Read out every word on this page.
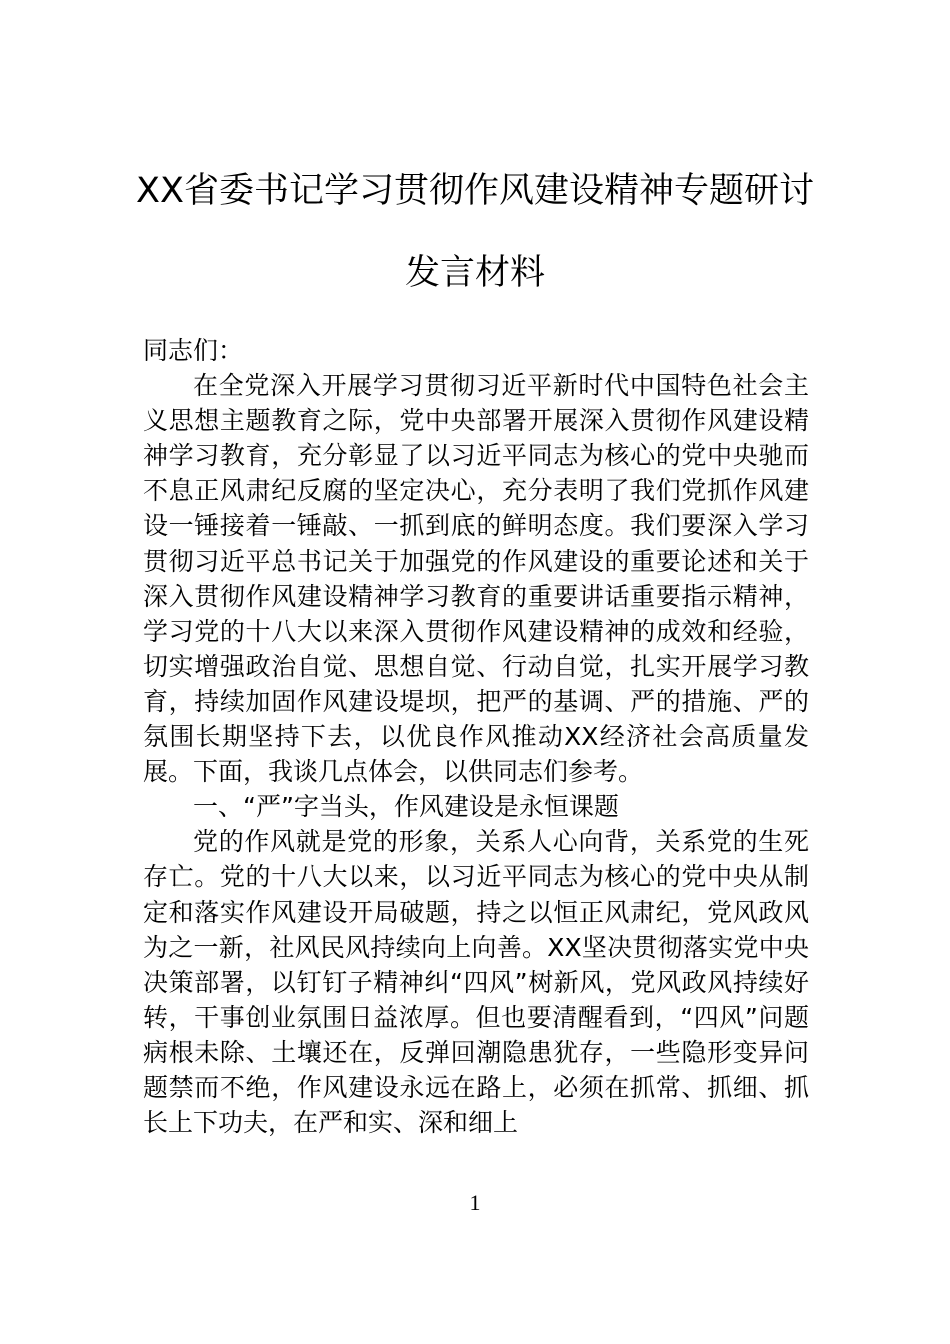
XX省委书记学习贯彻作风建设精神专题研讨发言材料

同志们：

在全党深入开展学习贯彻习近平新时代中国特色社会主义思想主题教育之际，党中央部署开展深入贯彻作风建设精神学习教育，充分彰显了以习近平同志为核心的党中央驰而不息正风肃纪反腐的坚定决心，充分表明了我们党抓作风建设一锤接着一锤敲、一抓到底的鲜明态度。我们要深入学习贯彻习近平总书记关于加强党的作风建设的重要论述和关于深入贯彻作风建设精神学习教育的重要讲话重要指示精神，学习党的十八大以来深入贯彻作风建设精神的成效和经验，切实增强政治自觉、思想自觉、行动自觉，扎实开展学习教育，持续加固作风建设堤坝，把严的基调、严的措施、严的氛围长期坚持下去，以优良作风推动XX经济社会高质量发展。下面，我谈几点体会，以供同志们参考。

一、“严”字当头，作风建设是永恒课题

党的作风就是党的形象，关系人心向背，关系党的生死存亡。党的十八大以来，以习近平同志为核心的党中央从制定和落实作风建设开局破题，持之以恒正风肃纪，党风政风为之一新，社风民风持续向上向善。XX坚决贯彻落实党中央决策部署，以钉钉子精神纠“四风”树新风，党风政风持续好转，干事创业氛围日益浓厚。但也要清醒看到，“四风”问题病根未除、土壤还在，反弹回潮隐患犹存，一些隐形变异问题禁而不绝，作风建设永远在路上，必须在抓常、抓细、抓长上下功夫，在严和实、深和细上

1
